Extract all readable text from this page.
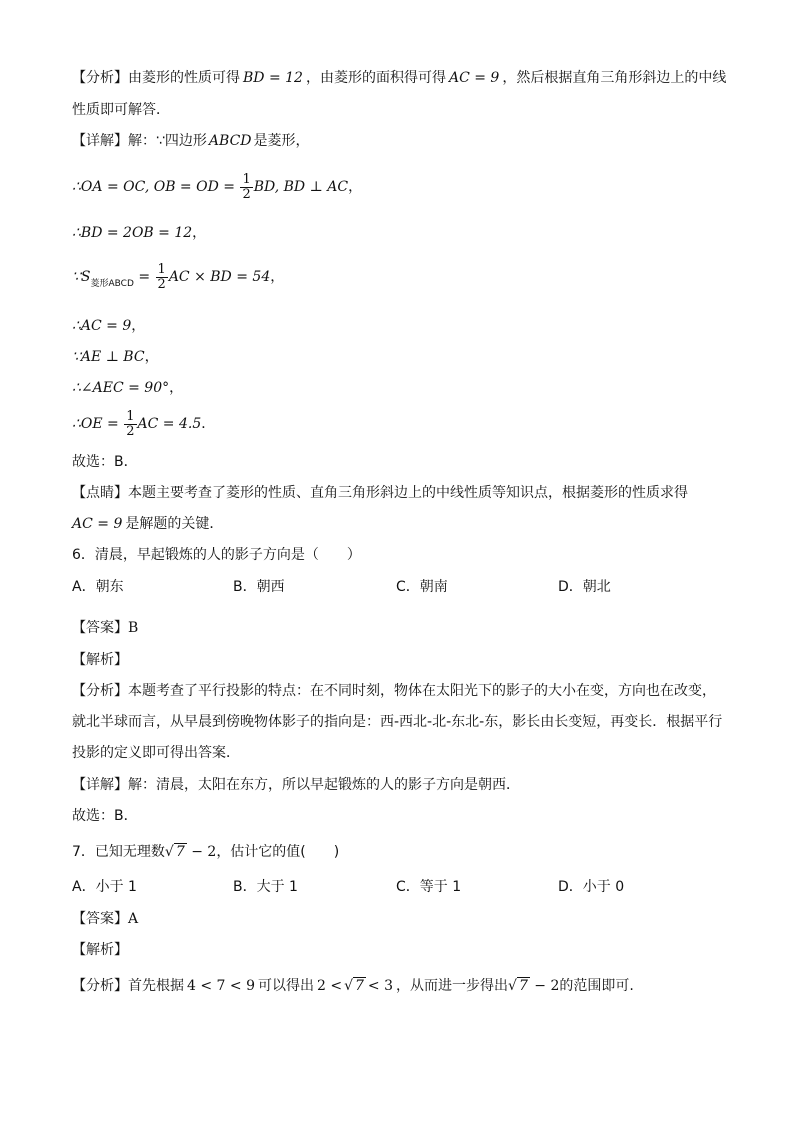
【分析】由菱形的性质可得 BD = 12 ，由菱形的面积得可得 AC = 9 ，然后根据直角三角形斜边上的中线
性质即可解答．
【详解】解：∵四边形 ABCD 是菱形，
∴OA = OC, OB = OD = $\frac{1}{2}$ BD, BD ⊥ AC，
∴BD = 2OB = 12，
$\because S_{菱形ABCD} = \frac{1}{2}$ AC × BD = 54，
∴AC = 9，
∵AE ⊥ BC，
∴∠AEC = 90°，
∴OE = $\frac{1}{2}$ AC = 4.5．
故选：B．
【点睛】本题主要考查了菱形的性质、直角三角形斜边上的中线性质等知识点，根据菱形的性质求得
AC = 9 是解题的关键．
6．清晨，早起锻炼的人的影子方向是（　　）
A．朝东	B．朝西	C．朝南	D．朝北
【答案】B
【解析】
【分析】本题考查了平行投影的特点：在不同时刻，物体在太阳光下的影子的大小在变，方向也在改变，
就北半球而言，从早晨到傍晚物体影子的指向是：西-西北-北-东北-东，影长由长变短，再变长．根据平行
投影的定义即可得出答案．
【详解】解：清晨，太阳在东方，所以早起锻炼的人的影子方向是朝西．
故选：B．
7．已知无理数√ 7 − 2，估计它的值(　　)
A．小于 1	B．大于 1	C．等于 1	D．小于 0
【答案】A
【解析】
【分析】首先根据 4 < 7 < 9 可以得出 2 < √ 7 < 3 ，从而进一步得出√ 7 − 2的范围即可.
